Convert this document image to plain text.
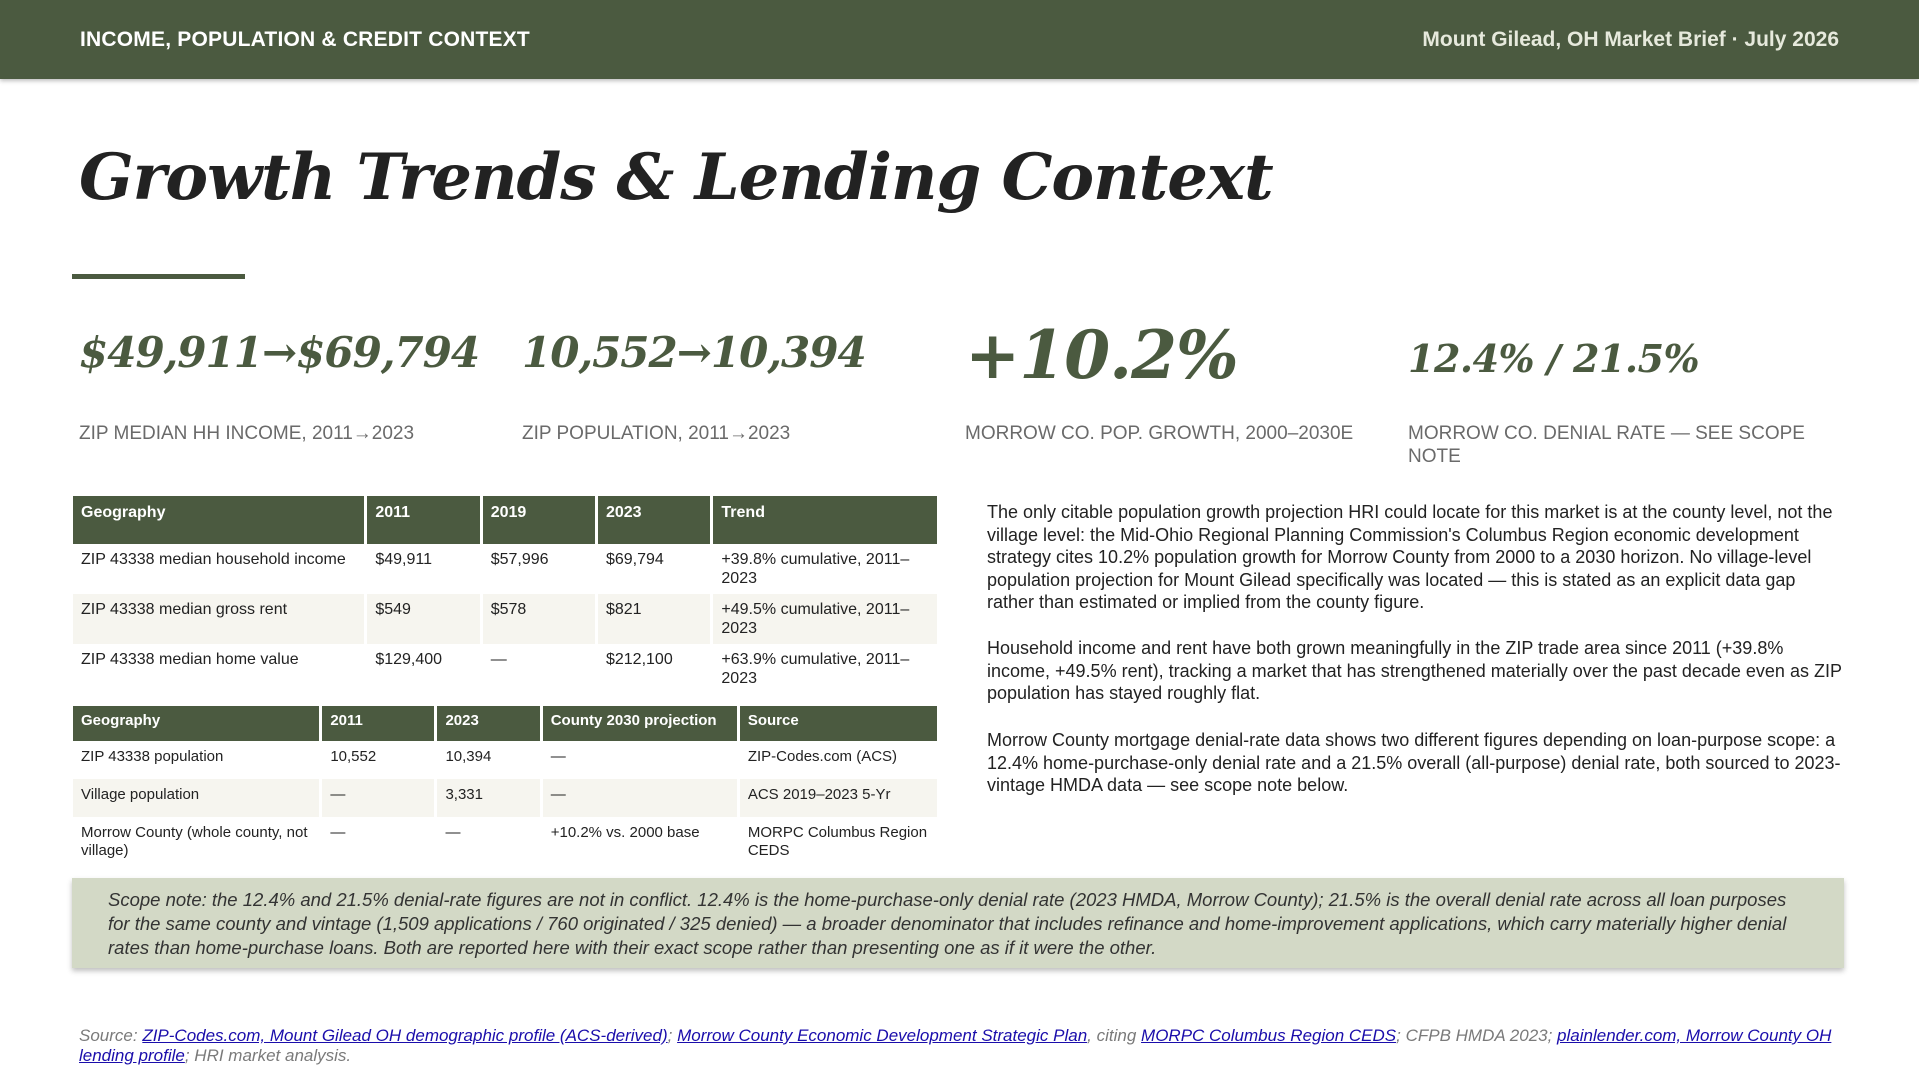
INCOME, POPULATION & CREDIT CONTEXT	Mount Gilead, OH Market Brief · July 2026
Growth Trends & Lending Context
$49,911→$69,794
ZIP MEDIAN HH INCOME, 2011→2023
10,552→10,394
ZIP POPULATION, 2011→2023
+10.2%
MORROW CO. POP. GROWTH, 2000–2030E
12.4% / 21.5%
MORROW CO. DENIAL RATE — SEE SCOPE NOTE
Geography	2011	2019	2023	Trend
ZIP 43338 median household income	$49,911	$57,996	$69,794	+39.8% cumulative, 2011–2023
ZIP 43338 median gross rent	$549	$578	$821	+49.5% cumulative, 2011–2023
ZIP 43338 median home value	$129,400	—	$212,100	+63.9% cumulative, 2011–2023
Geography	2011	2023	County 2030 projection	Source
ZIP 43338 population	10,552	10,394	—	ZIP-Codes.com (ACS)
Village population	—	3,331	—	ACS 2019–2023 5-Yr
Morrow County (whole county, not village)	—	—	+10.2% vs. 2000 base	MORPC Columbus Region CEDS

The only citable population growth projection HRI could locate for this market is at the county level, not the village level: the Mid-Ohio Regional Planning Commission's Columbus Region economic development strategy cites 10.2% population growth for Morrow County from 2000 to a 2030 horizon. No village-level population projection for Mount Gilead specifically was located — this is stated as an explicit data gap rather than estimated or implied from the county figure.

Household income and rent have both grown meaningfully in the ZIP trade area since 2011 (+39.8% income, +49.5% rent), tracking a market that has strengthened materially over the past decade even as ZIP population has stayed roughly flat.

Morrow County mortgage denial-rate data shows two different figures depending on loan-purpose scope: a 12.4% home-purchase-only denial rate and a 21.5% overall (all-purpose) denial rate, both sourced to 2023-vintage HMDA data — see scope note below.

Scope note: the 12.4% and 21.5% denial-rate figures are not in conflict. 12.4% is the home-purchase-only denial rate (2023 HMDA, Morrow County); 21.5% is the overall denial rate across all loan purposes for the same county and vintage (1,509 applications / 760 originated / 325 denied) — a broader denominator that includes refinance and home-improvement applications, which carry materially higher denial rates than home-purchase loans. Both are reported here with their exact scope rather than presenting one as if it were the other.
Source: ZIP-Codes.com, Mount Gilead OH demographic profile (ACS-derived); Morrow County Economic Development Strategic Plan, citing MORPC Columbus Region CEDS; CFPB HMDA 2023; plainlender.com, Morrow County OH lending profile; HRI market analysis.
